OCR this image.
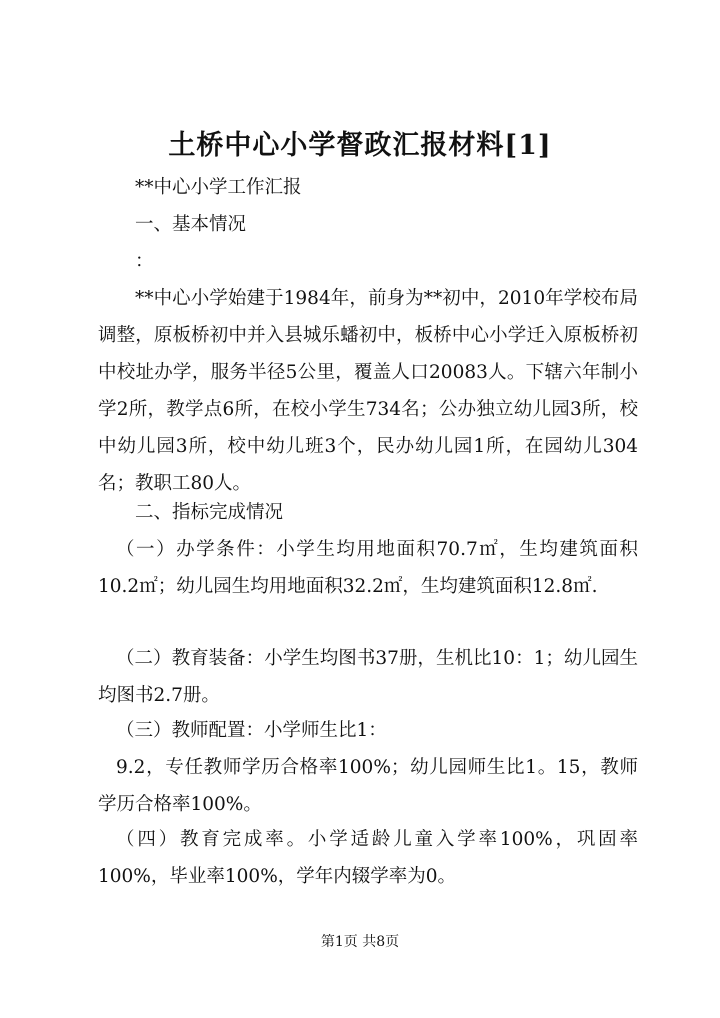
土桥中心小学督政汇报材料[1]
**中心小学工作汇报
一、基本情况
：
**中心小学始建于1984年，前身为**初中，2010年学校布局调整，原板桥初中并入县城乐蟠初中，板桥中心小学迁入原板桥初中校址办学，服务半径5公里，覆盖人口20083人。下辖六年制小学2所，教学点6所，在校小学生734名；公办独立幼儿园3所，校中幼儿园3所，校中幼儿班3个，民办幼儿园1所，在园幼儿304名；教职工80人。
二、指标完成情况
（一）办学条件：小学生均用地面积70.7㎡，生均建筑面积10.2㎡；幼儿园生均用地面积32.2㎡，生均建筑面积12.8㎡.
（二）教育装备：小学生均图书37册，生机比10：1；幼儿园生均图书2.7册。
（三）教师配置：小学师生比1：
9.2，专任教师学历合格率100%；幼儿园师生比1。15，教师学历合格率100%。
（四）教育完成率。小学适龄儿童入学率100%，巩固率100%，毕业率100%，学年内辍学率为0。
第1页 共8页
